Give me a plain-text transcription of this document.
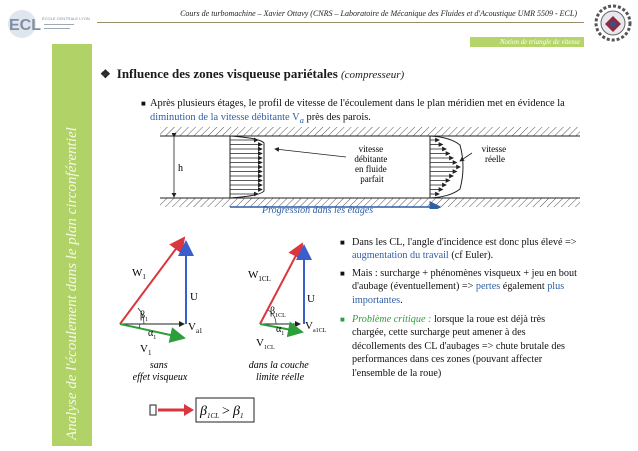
ECL ÉCOLE CENTRALE LYON
Cours de turbomachine – Xavier Ottavy (CNRS – Laboratoire de Mécanique des Fluides et d'Acoustique UMR 5509 - ECL)
Notion de triangle de vitesse
Analyse de l'écoulement dans le plan circonférentiel
❖ Influence des zones visqueuse pariétales (compresseur)
■ Après plusieurs étages, le profil de vitesse de l'écoulement dans le plan méridien met en évidence la diminution de la vitesse débitante $V_a$ près des parois.
h
vitesse débitante en fluide parfait
vitesse réelle
Progression dans les étages
$W_1$
U
$V_{a1}$
$\beta_1$
$\alpha_1$
$V_1$
$W_{1CL}$
U
$V_{a1CL}$
$\beta_{1CL}$
$\alpha_1$
$V_{1CL}$
sans effet visqueux
dans la couche limite réelle
$\beta_{1CL} > \beta_1$
■ Dans les CL, l'angle d'incidence est donc plus élevé => augmentation du travail (cf Euler).
■ Mais : surcharge + phénomènes visqueux + jeu en bout d'aubage (éventuellement) => pertes également plus importantes.
■ Problème critique : lorsque la roue est déjà très chargée, cette surcharge peut amener à des décollements des CL d'aubages => chute brutale des performances dans ces zones (pouvant affecter l'ensemble de la roue)
